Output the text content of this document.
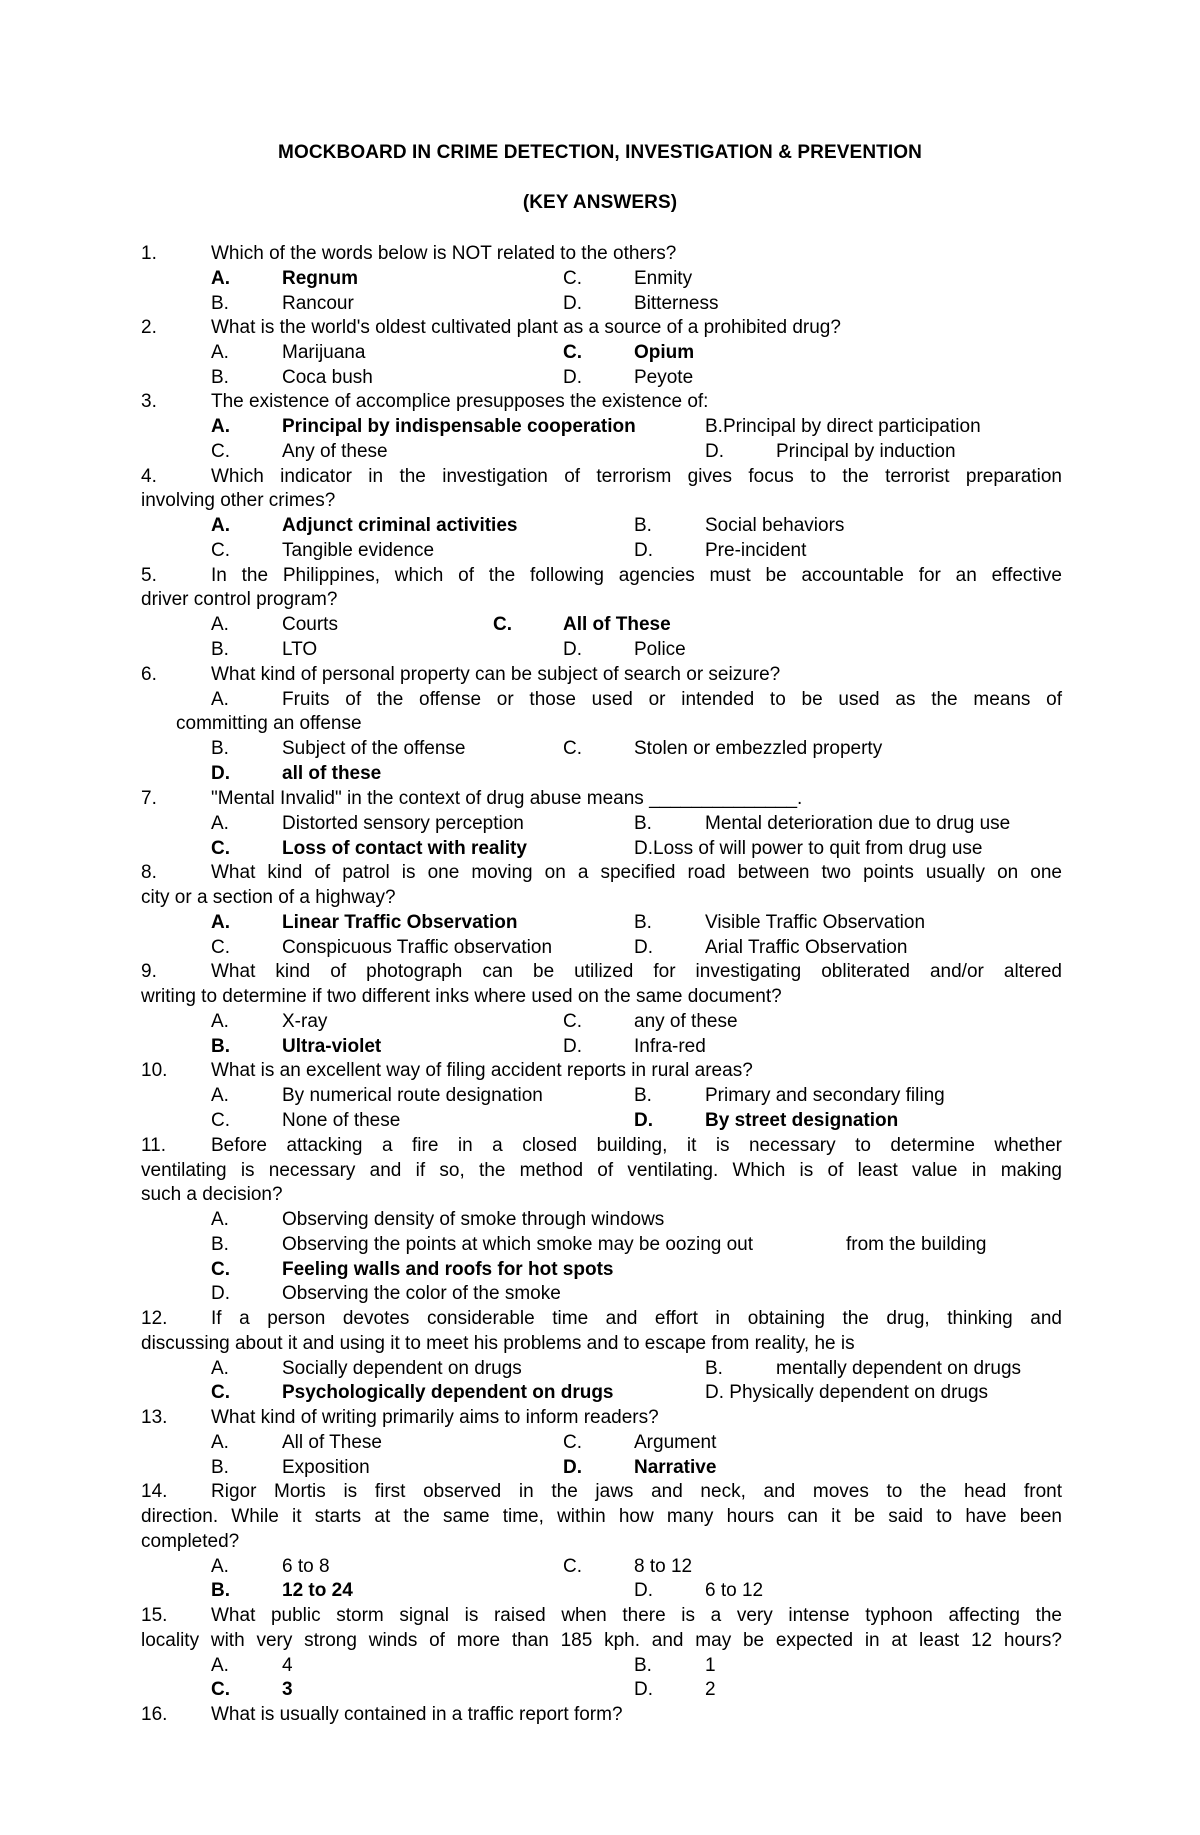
MOCKBOARD IN CRIME DETECTION, INVESTIGATION & PREVENTION
(KEY ANSWERS)
1.	Which of the words below is NOT related to the others?
A.	Regnum	C.	Enmity
B.	Rancour	D.	Bitterness
2.	What is the world's oldest cultivated plant as a source of a prohibited drug?
A.	Marijuana	C.	Opium
B.	Coca bush	D.	Peyote
3.	The existence of accomplice presupposes the existence of:
A.	Principal by indispensable cooperation	B.Principal by direct participation
C.	Any of these	D.	Principal by induction
4.	Which indicator in the investigation of terrorism gives focus to the terrorist preparation
involving other crimes?
A.	Adjunct criminal activities	B.	Social behaviors
C.	Tangible evidence	D.	Pre-incident
5.	In the Philippines, which of the following agencies must be accountable for an effective
driver control program?
A.	Courts	C.	All of These
B.	LTO	D.	Police
6.	What kind of personal property can be subject of search or seizure?
A.	Fruits of the offense or those used or intended to be used as the means of
committing an offense
B.	Subject of the offense	C.	Stolen or embezzled property
D.	all of these
7.	"Mental Invalid" in the context of drug abuse means ______________.
A.	Distorted sensory perception	B.	Mental deterioration due to drug use
C.	Loss of contact with reality	D.Loss of will power to quit from drug use
8.	What kind of patrol is one moving on a specified road between two points usually on one
city or a section of a highway?
A.	Linear Traffic Observation	B.	Visible Traffic Observation
C.	Conspicuous Traffic observation	D.	Arial Traffic Observation
9.	What kind of photograph can be utilized for investigating obliterated and/or altered
writing to determine if two different inks where used on the same document?
A.	X-ray	C.	any of these
B.	Ultra-violet	D.	Infra-red
10. What is an excellent way of filing accident reports in rural areas?
A.	By numerical route designation	B.	Primary and secondary filing
C.	None of these	D.	By street designation
11. Before attacking a fire in a closed building, it is necessary to determine whether
ventilating is necessary and if so, the method of ventilating. Which is of least value in making
such a decision?
A.	Observing density of smoke through windows
B.	Observing the points at which smoke may be oozing out	from the building
C.	Feeling walls and roofs for hot spots
D.	Observing the color of the smoke
12. If a person devotes considerable time and effort in obtaining the drug, thinking and
discussing about it and using it to meet his problems and to escape from reality, he is
A.	Socially dependent on drugs	B.	mentally dependent on drugs
C.	Psychologically dependent on drugs	D. Physically dependent on drugs
13. What kind of writing primarily aims to inform readers?
A.	All of These	C.	Argument
B.	Exposition	D.	Narrative
14. Rigor Mortis is first observed in the jaws and neck, and moves to the head front
direction. While it starts at the same time, within how many hours can it be said to have been
completed?
A.	6 to 8	C.	8 to 12
B.	12 to 24	D.	6 to 12
15. What public storm signal is raised when there is a very intense typhoon affecting the
locality with very strong winds of more than 185 kph. and may be expected in at least 12 hours?
A.	4	B.	1
C.	3	D.	2
16. What is usually contained in a traffic report form?
